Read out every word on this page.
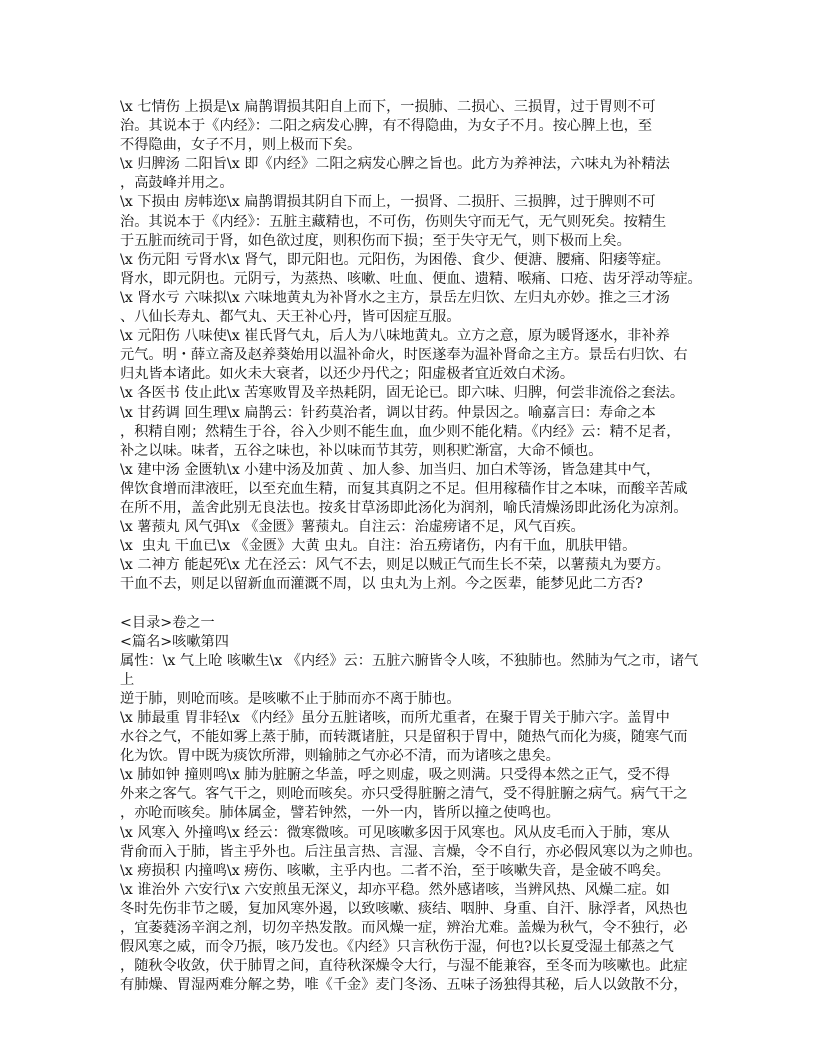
\x 七情伤 上损是\x 扁鹊谓损其阳自上而下，一损肺、二损心、三损胃，过于胃则不可
治。其说本于《内经》：二阳之病发心脾，有不得隐曲，为女子不月。按心脾上也，至
不得隐曲，女子不月，则上极而下矣。
\x 归脾汤 二阳旨\x 即《内经》二阳之病发心脾之旨也。此方为养神法，六味丸为补精法
，高鼓峰并用之。
\x 下损由 房帏迩\x 扁鹊谓损其阴自下而上，一损肾、二损肝、三损脾，过于脾则不可
治。其说本于《内经》：五脏主藏精也，不可伤，伤则失守而无气，无气则死矣。按精生
于五脏而统司于肾，如色欲过度，则积伤而下损；至于失守无气，则下极而上矣。
\x 伤元阳 亏肾水\x 肾气，即元阳也。元阳伤，为困倦、食少、便溏、腰痛、阳痿等症。
肾水，即元阴也。元阴亏，为蒸热、咳嗽、吐血、便血、遗精、喉痛、口疮、齿牙浮动等症。
\x 肾水亏 六味拟\x 六味地黄丸为补肾水之主方，景岳左归饮、左归丸亦妙。推之三才汤
、八仙长寿丸、都气丸、天王补心丹，皆可因症互服。
\x 元阳伤 八味使\x 崔氏肾气丸，后人为八味地黄丸。立方之意，原为暖肾逐水，非补养
元气。明・薛立斋及赵养葵始用以温补命火，时医遂奉为温补肾命之主方。景岳右归饮、右
归丸皆本诸此。如火未大衰者，以还少丹代之；阳虚极者宜近效白术汤。
\x 各医书 伎止此\x 苦寒败胃及辛热耗阴，固无论已。即六味、归脾，何尝非流俗之套法。
\x 甘药调 回生理\x 扁鹊云：针药莫治者，调以甘药。仲景因之。喻嘉言曰：寿命之本
，积精自刚；然精生于谷，谷入少则不能生血，血少则不能化精。《内经》云：精不足者，
补之以味。味者，五谷之味也，补以味而节其劳，则积贮渐富，大命不倾也。
\x 建中汤 金匮轨\x 小建中汤及加黄 、加人参、加当归、加白术等汤，皆急建其中气，
俾饮食增而津液旺，以至充血生精，而复其真阴之不足。但用稼穑作甘之本味，而酸辛苦咸
在所不用，盖舍此别无良法也。按炙甘草汤即此汤化为润剂，喻氏清燥汤即此汤化为凉剂。
\x 薯蓣丸 风气弭\x 《金匮》薯蓣丸。自注云：治虚痨诸不足，风气百疾。
\x  虫丸 干血已\x 《金匮》大黄 虫丸。自注：治五痨诸伤，内有干血，肌肤甲错。
\x 二神方 能起死\x 尤在泾云：风气不去，则足以贼正气而生长不荣，以薯蓣丸为要方。
干血不去，则足以留新血而灌溉不周，以 虫丸为上剂。今之医辈，能梦见此二方否?
<目录>卷之一
<篇名>咳嗽第四
属性：\x 气上呛 咳嗽生\x 《内经》云：五脏六腑皆令人咳，不独肺也。然肺为气之市，诸气
上
逆于肺，则呛而咳。是咳嗽不止于肺而亦不离于肺也。
\x 肺最重 胃非轻\x 《内经》虽分五脏诸咳，而所尤重者，在聚于胃关于肺六字。盖胃中
水谷之气，不能如雾上蒸于肺，而转溉诸脏，只是留积于胃中，随热气而化为痰，随寒气而
化为饮。胃中既为痰饮所滞，则输肺之气亦必不清，而为诸咳之患矣。
\x 肺如钟 撞则鸣\x 肺为脏腑之华盖，呼之则虚，吸之则满。只受得本然之正气，受不得
外来之客气。客气干之，则呛而咳矣。亦只受得脏腑之清气，受不得脏腑之病气。病气干之
，亦呛而咳矣。肺体属金，譬若钟然，一外一内，皆所以撞之使鸣也。
\x 风寒入 外撞鸣\x 经云：微寒微咳。可见咳嗽多因于风寒也。风从皮毛而入于肺，寒从
背俞而入于肺，皆主乎外也。后注虽言热、言湿、言燥，令不自行，亦必假风寒以为之帅也。
\x 痨损积 内撞鸣\x 痨伤、咳嗽，主乎内也。二者不治，至于咳嗽失音，是金破不鸣矣。
\x 谁治外 六安行\x 六安煎虽无深义，却亦平稳。然外感诸咳，当辨风热、风燥二症。如
冬时先伤非节之暖，复加风寒外遏，以致咳嗽、痰结、咽肿、身重、自汗、脉浮者，风热也
，宜萎蕤汤辛润之剂，切勿辛热发散。而风燥一症，辨治尤难。盖燥为秋气，令不独行，必
假风寒之威，而令乃振，咳乃发也。《内经》只言秋伤于湿，何也?以长夏受湿土郁蒸之气
，随秋令收敛，伏于肺胃之间，直待秋深燥令大行，与湿不能兼容，至冬而为咳嗽也。此症
有肺燥、胃湿两难分解之势，唯《千金》麦门冬汤、五味子汤独得其秘，后人以敛散不分，
